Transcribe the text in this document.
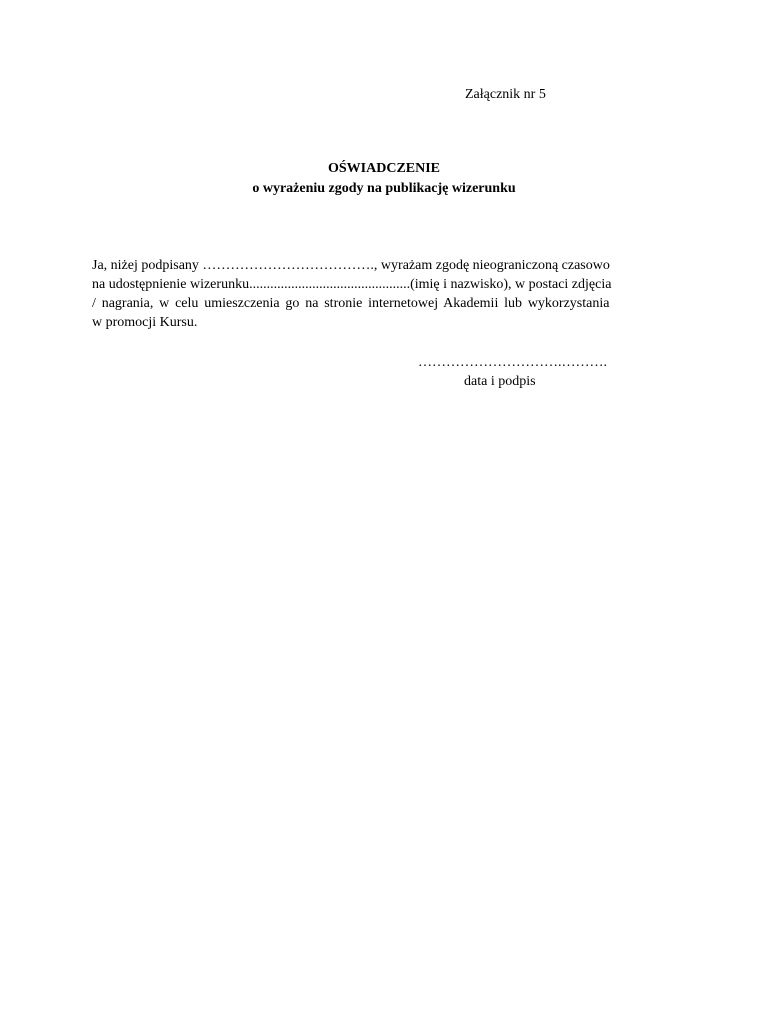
Załącznik nr 5
OŚWIADCZENIE
o wyrażeniu zgody na publikację wizerunku
Ja, niżej podpisany ………………………………., wyrażam zgodę nieograniczoną czasowo
na udostępnienie wizerunku..............................................(imię i nazwisko), w postaci zdjęcia
/ nagrania, w celu umieszczenia go na stronie internetowej Akademii lub wykorzystania
w promocji Kursu.
………………………….……….
data i podpis
